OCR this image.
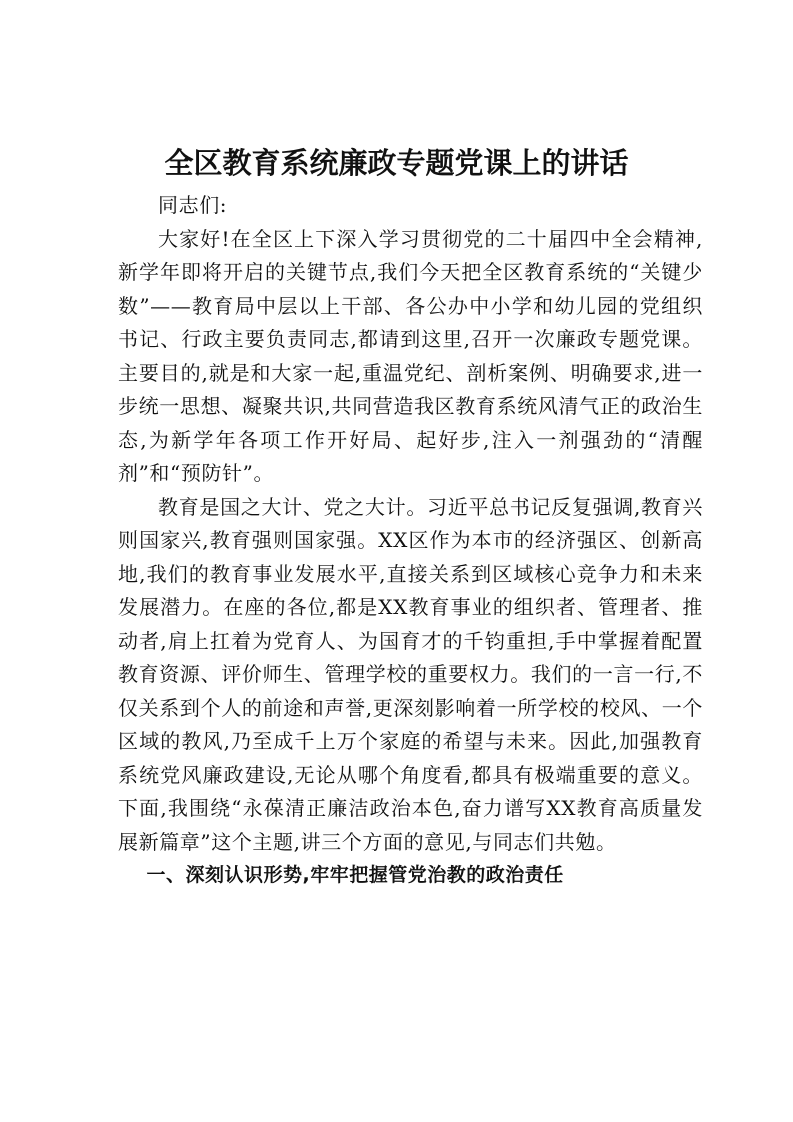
全区教育系统廉政专题党课上的讲话

同志们:

大家好!在全区上下深入学习贯彻党的二十届四中全会精神,新学年即将开启的关键节点,我们今天把全区教育系统的“关键少数”——教育局中层以上干部、各公办中小学和幼儿园的党组织书记、行政主要负责同志,都请到这里,召开一次廉政专题党课。主要目的,就是和大家一起,重温党纪、剖析案例、明确要求,进一步统一思想、凝聚共识,共同营造我区教育系统风清气正的政治生态,为新学年各项工作开好局、起好步,注入一剂强劲的“清醒剂”和“预防针”。

教育是国之大计、党之大计。习近平总书记反复强调,教育兴则国家兴,教育强则国家强。XX区作为本市的经济强区、创新高地,我们的教育事业发展水平,直接关系到区域核心竞争力和未来发展潜力。在座的各位,都是XX教育事业的组织者、管理者、推动者,肩上扛着为党育人、为国育才的千钧重担,手中掌握着配置教育资源、评价师生、管理学校的重要权力。我们的一言一行,不仅关系到个人的前途和声誉,更深刻影响着一所学校的校风、一个区域的教风,乃至成千上万个家庭的希望与未来。因此,加强教育系统党风廉政建设,无论从哪个角度看,都具有极端重要的意义。下面,我围绕“永葆清正廉洁政治本色,奋力谱写XX教育高质量发展新篇章”这个主题,讲三个方面的意见,与同志们共勉。

一、深刻认识形势,牢牢把握管党治教的政治责任
